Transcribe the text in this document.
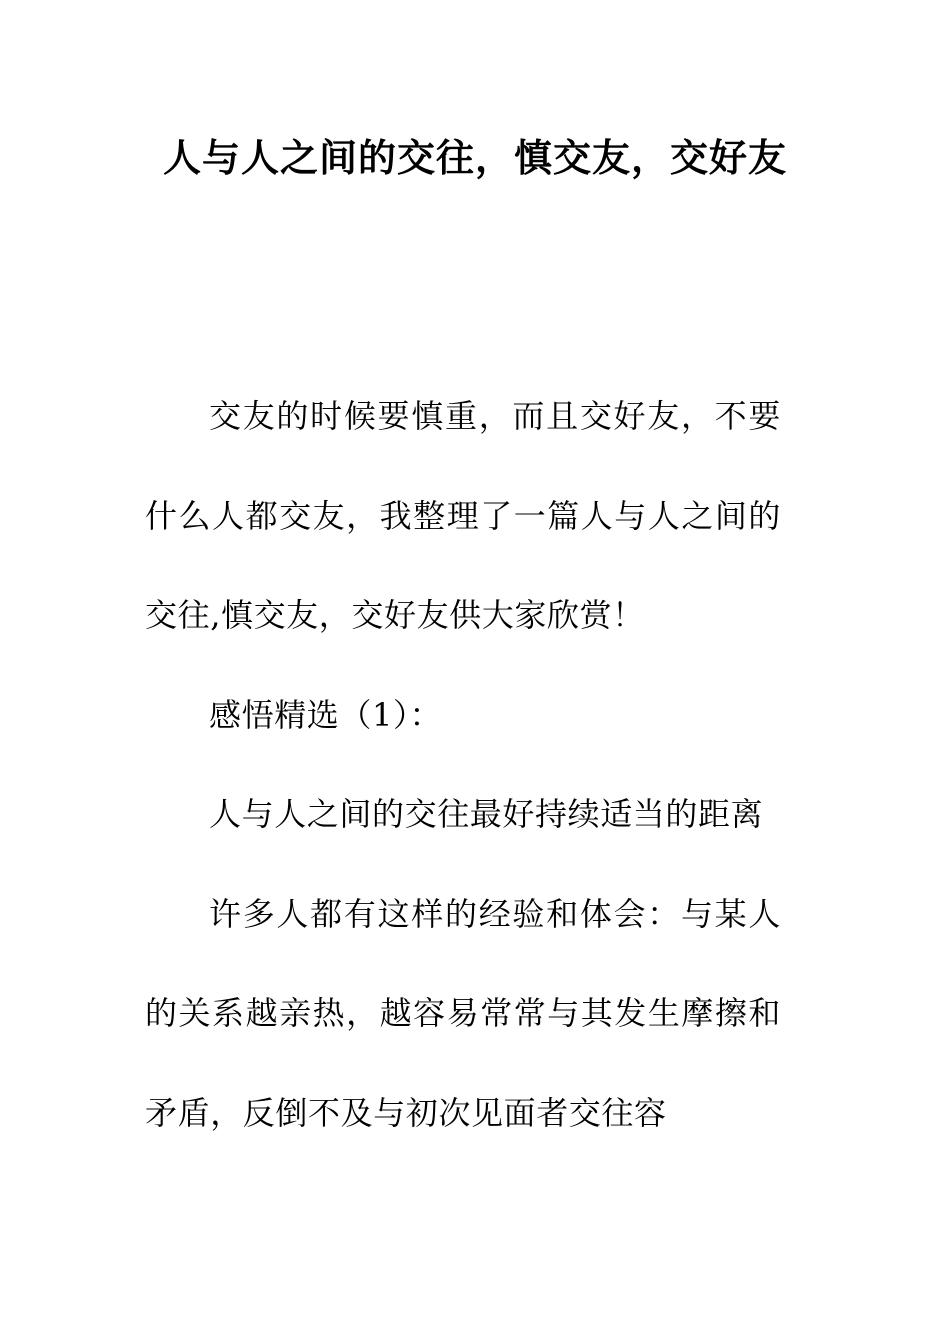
人与人之间的交往，慎交友，交好友

交友的时候要慎重，而且交好友，不要什么人都交友，我整理了一篇人与人之间的交往,慎交友，交好友供大家欣赏！

感悟精选（1）：

人与人之间的交往最好持续适当的距离

许多人都有这样的经验和体会：与某人的关系越亲热，越容易常常与其发生摩擦和矛盾，反倒不及与初次见面者交往容
